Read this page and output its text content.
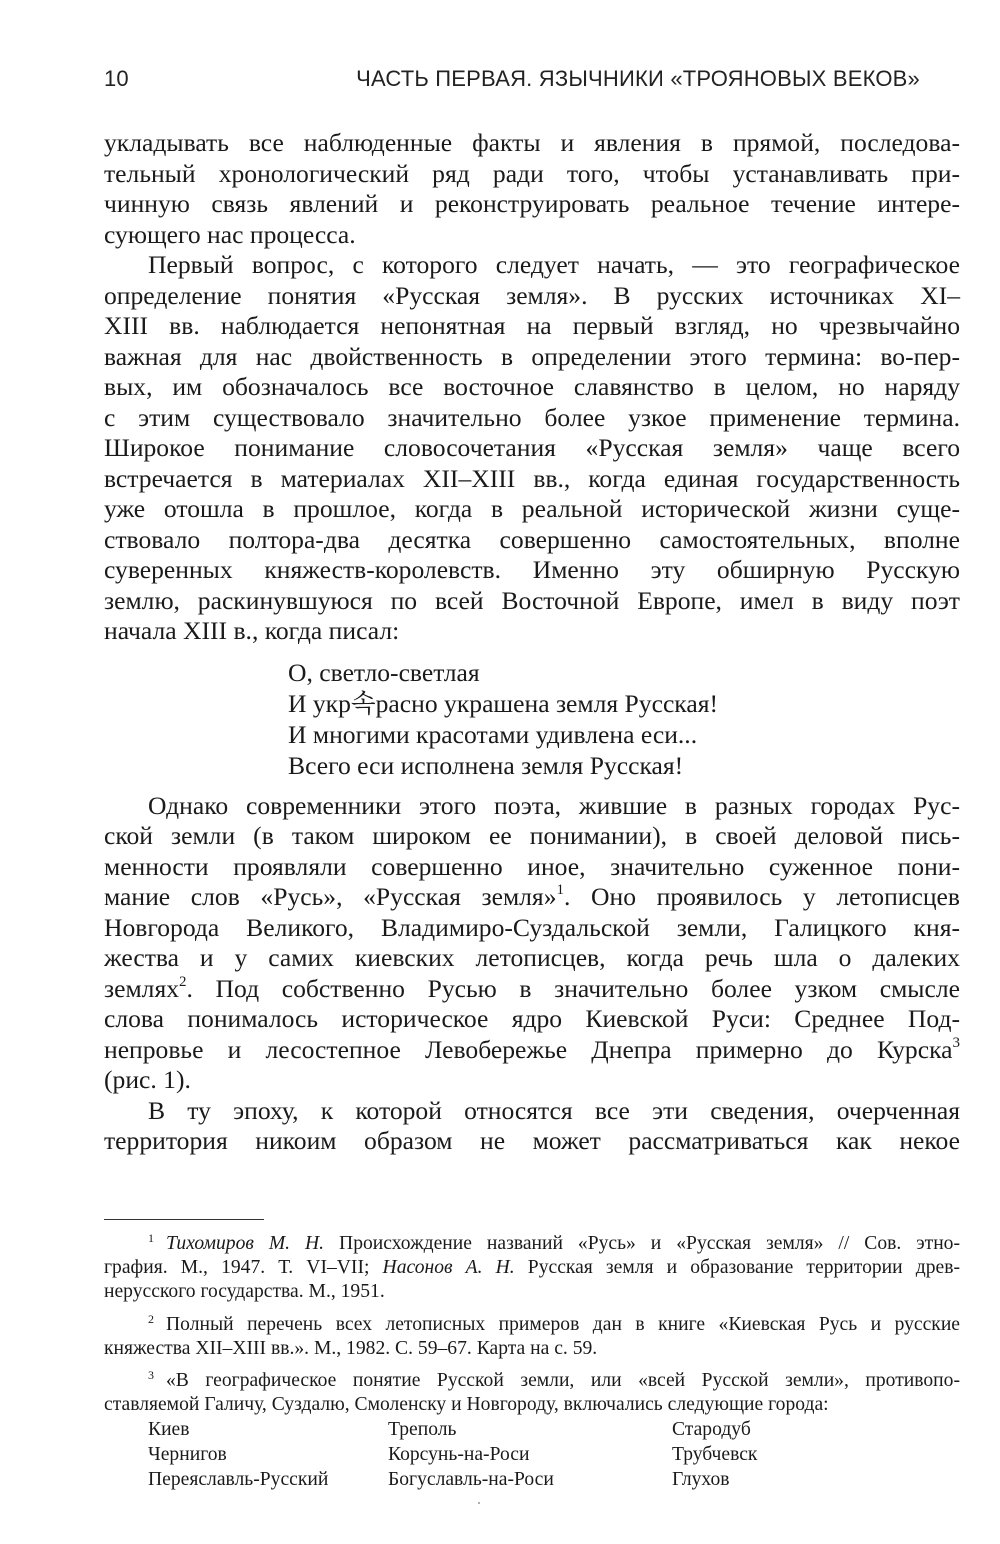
10	ЧАСТЬ ПЕРВАЯ. ЯЗЫЧНИКИ «ТРОЯНОВЫХ ВЕКОВ»

укладывать все наблюденные факты и явления в прямой, последова-
тельный хронологический ряд ради того, чтобы устанавливать при-
чинную связь явлений и реконструировать реальное течение интере-
сующего нас процесса.

Первый вопрос, с которого следует начать, — это географическое
определение понятия «Русская земля». В русских источниках XI–
XIII вв. наблюдается непонятная на первый взгляд, но чрезвычайно
важная для нас двойственность в определении этого термина: во-пер-
вых, им обозначалось все восточное славянство в целом, но наряду
с этим существовало значительно более узкое применение термина.
Широкое понимание словосочетания «Русская земля» чаще всего
встречается в материалах XII–XIII вв., когда единая государственность
уже отошла в прошлое, когда в реальной исторической жизни суще-
ствовало полтора-два десятка совершенно самостоятельных, вполне
суверенных княжеств-королевств. Именно эту обширную Русскую
землю, раскинувшуюся по всей Восточной Европе, имел в виду поэт
начала XIII в., когда писал:

О, светло-светлая
И укр속расно украшена земля Русская!
И многими красотами удивлена еси...
Всего еси исполнена земля Русская!

Однако современники этого поэта, жившие в разных городах Рус-
ской земли (в таком широком ее понимании), в своей деловой пись-
менности проявляли совершенно иное, значительно суженное пони-
мание слов «Русь», «Русская земля»$^1$. Оно проявилось у летописцев
Новгорода Великого, Владимиро-Суздальской земли, Галицкого кня-
жества и у самих киевских летописцев, когда речь шла о далеких
землях$^2$. Под собственно Русью в значительно более узком смысле
слова понималось историческое ядро Киевской Руси: Среднее Под-
непровье и лесостепное Левобережье Днепра примерно до Курска$^3$
(рис. 1).

В ту эпоху, к которой относятся все эти сведения, очерченная
территория никоим образом не может рассматриваться как некое

$^1$ Тихомиров М. Н. Происхождение названий «Русь» и «Русская земля» // Сов. этно-
графия. М., 1947. Т. VI–VII; Насонов А. Н. Русская земля и образование территории древ-
нерусского государства. М., 1951.
$^2$ Полный перечень всех летописных примеров дан в книге «Киевская Русь и русские
княжества XII–XIII вв.». М., 1982. С. 59–67. Карта на с. 59.
$^3$ «В географическое понятие Русской земли, или «всей Русской земли», противопо-
ставляемой Галичу, Суздалю, Смоленску и Новгороду, включались следующие города:
Киев	Треполь	Стародуб
Чернигов	Корсунь-на-Роси	Трубчевск
Переяславль-Русский	Богуславль-на-Роси	Глухов
